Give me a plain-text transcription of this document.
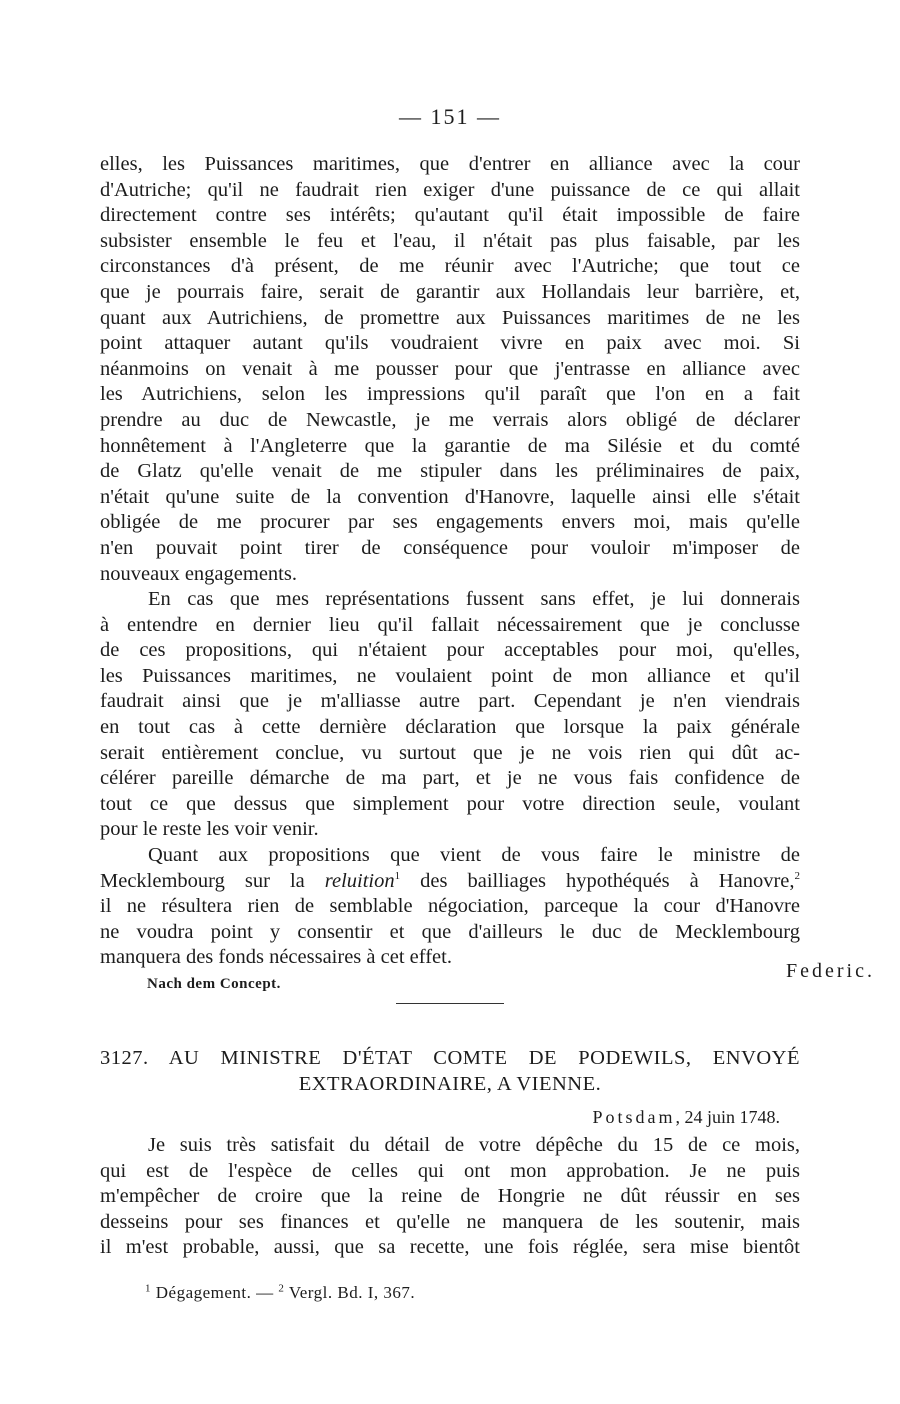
— 151 —
elles, les Puissances maritimes, que d'entrer en alliance avec la cour
d'Autriche; qu'il ne faudrait rien exiger d'une puissance de ce qui allait
directement contre ses intérêts; qu'autant qu'il était impossible de faire
subsister ensemble le feu et l'eau, il n'était pas plus faisable, par les
circonstances d'à présent, de me réunir avec l'Autriche; que tout ce
que je pourrais faire, serait de garantir aux Hollandais leur barrière, et,
quant aux Autrichiens, de promettre aux Puissances maritimes de ne les
point attaquer autant qu'ils voudraient vivre en paix avec moi. Si
néanmoins on venait à me pousser pour que j'entrasse en alliance avec
les Autrichiens, selon les impressions qu'il paraît que l'on en a fait
prendre au duc de Newcastle, je me verrais alors obligé de déclarer
honnêtement à l'Angleterre que la garantie de ma Silésie et du comté
de Glatz qu'elle venait de me stipuler dans les préliminaires de paix,
n'était qu'une suite de la convention d'Hanovre, laquelle ainsi elle s'était
obligée de me procurer par ses engagements envers moi, mais qu'elle
n'en pouvait point tirer de conséquence pour vouloir m'imposer de
nouveaux engagements.
En cas que mes représentations fussent sans effet, je lui donnerais
à entendre en dernier lieu qu'il fallait nécessairement que je conclusse
de ces propositions, qui n'étaient pour acceptables pour moi, qu'elles,
les Puissances maritimes, ne voulaient point de mon alliance et qu'il
faudrait ainsi que je m'alliasse autre part. Cependant je n'en viendrais
en tout cas à cette dernière déclaration que lorsque la paix générale
serait entièrement conclue, vu surtout que je ne vois rien qui dût ac-
célérer pareille démarche de ma part, et je ne vous fais confidence de
tout ce que dessus que simplement pour votre direction seule, voulant
pour le reste les voir venir.
Quant aux propositions que vient de vous faire le ministre de
Mecklembourg sur la reluition$^1$ des bailliages hypothéqués à Hanovre,$^2$
il ne résultera rien de semblable négociation, parceque la cour d'Hanovre
ne voudra point y consentir et que d'ailleurs le duc de Mecklembourg
manquera des fonds nécessaires à cet effet.
Federic.
Nach dem Concept.
3127. AU MINISTRE D'ÉTAT COMTE DE PODEWILS, ENVOYÉ
EXTRAORDINAIRE, A VIENNE.
Potsdam, 24 juin 1748.
Je suis très satisfait du détail de votre dépêche du 15 de ce mois,
qui est de l'espèce de celles qui ont mon approbation. Je ne puis
m'empêcher de croire que la reine de Hongrie ne dût réussir en ses
desseins pour ses finances et qu'elle ne manquera de les soutenir, mais
il m'est probable, aussi, que sa recette, une fois réglée, sera mise bientôt
$^1$ Dégagement. — $^2$ Vergl. Bd. I, 367.
